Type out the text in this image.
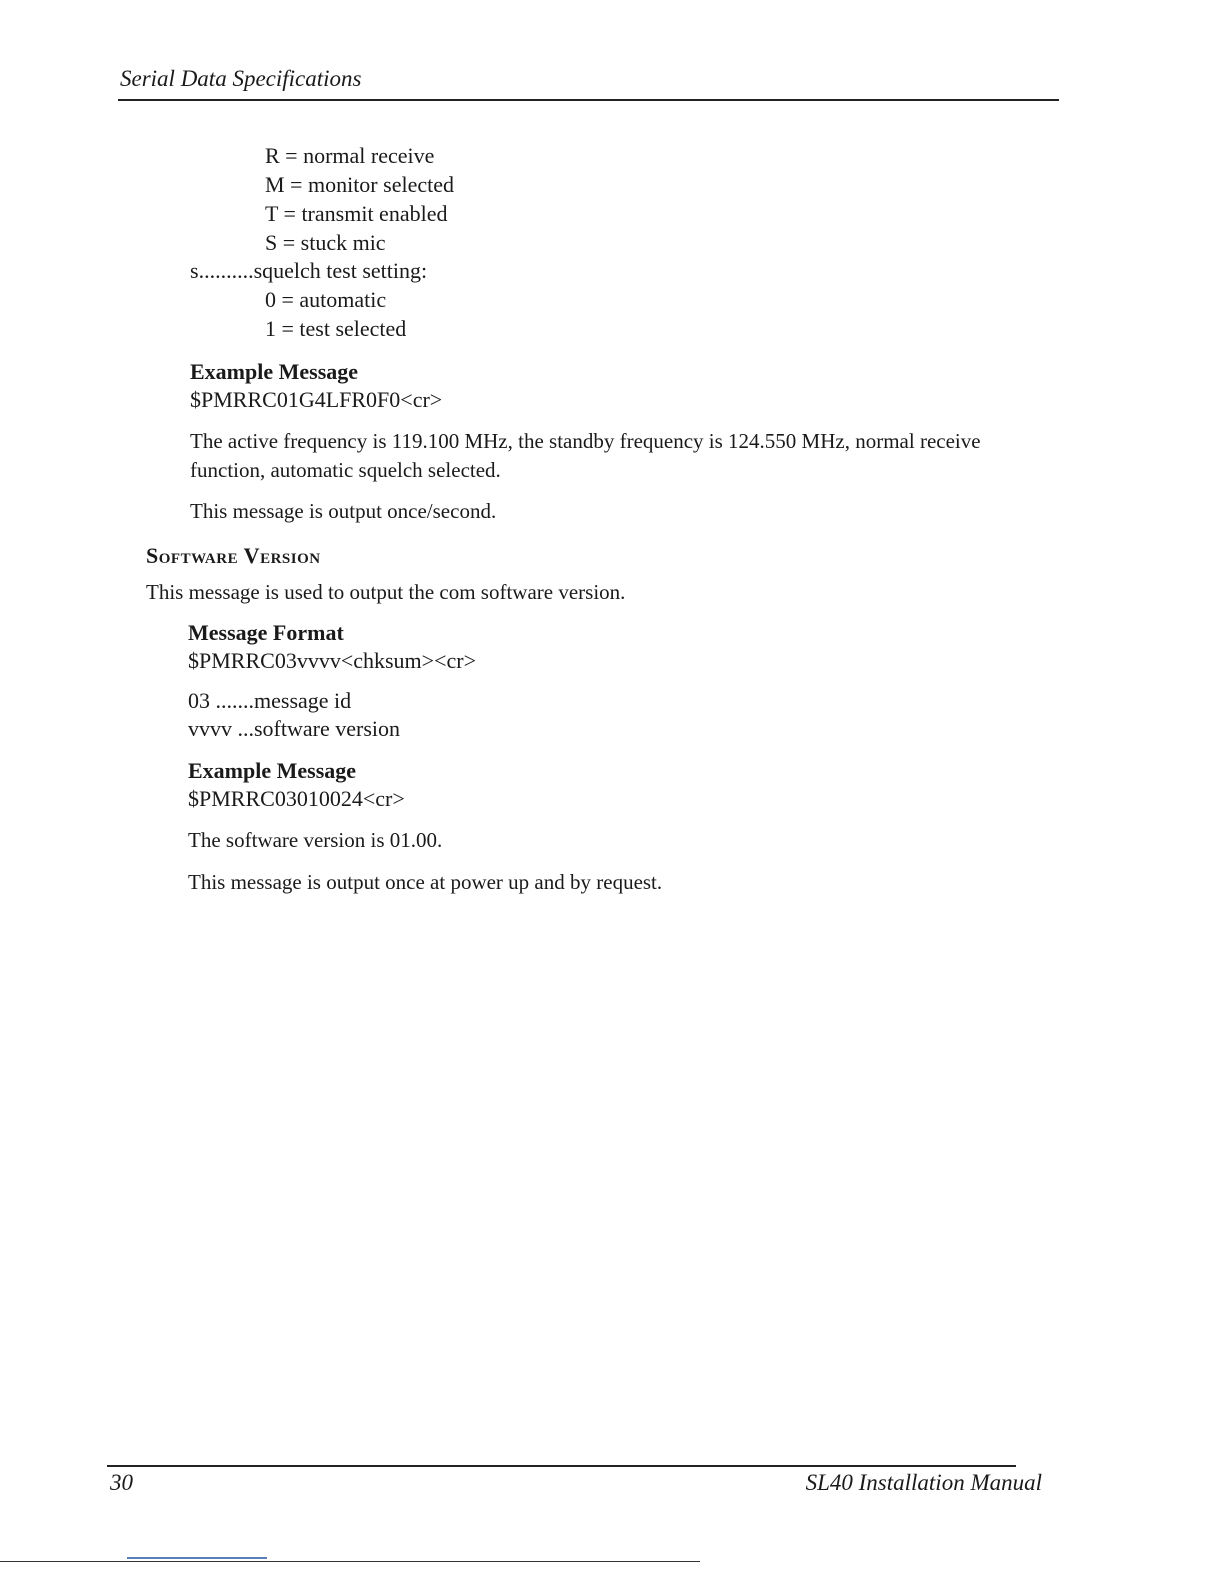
Serial Data Specifications
R = normal receive
M = monitor selected
T = transmit enabled
S = stuck mic
s..........squelch test setting:
0 = automatic
1 = test selected
Example Message
$PMRRC01G4LFR0F0<cr>
The active frequency is 119.100 MHz, the standby frequency is 124.550 MHz, normal receive function, automatic squelch selected.
This message is output once/second.
Software Version
This message is used to output the com software version.
Message Format
$PMRRC03vvvv<chksum><cr>
03 .......message id
vvvv ...software version
Example Message
$PMRRC03010024<cr>
The software version is 01.00.
This message is output once at power up and by request.
30	SL40 Installation Manual
